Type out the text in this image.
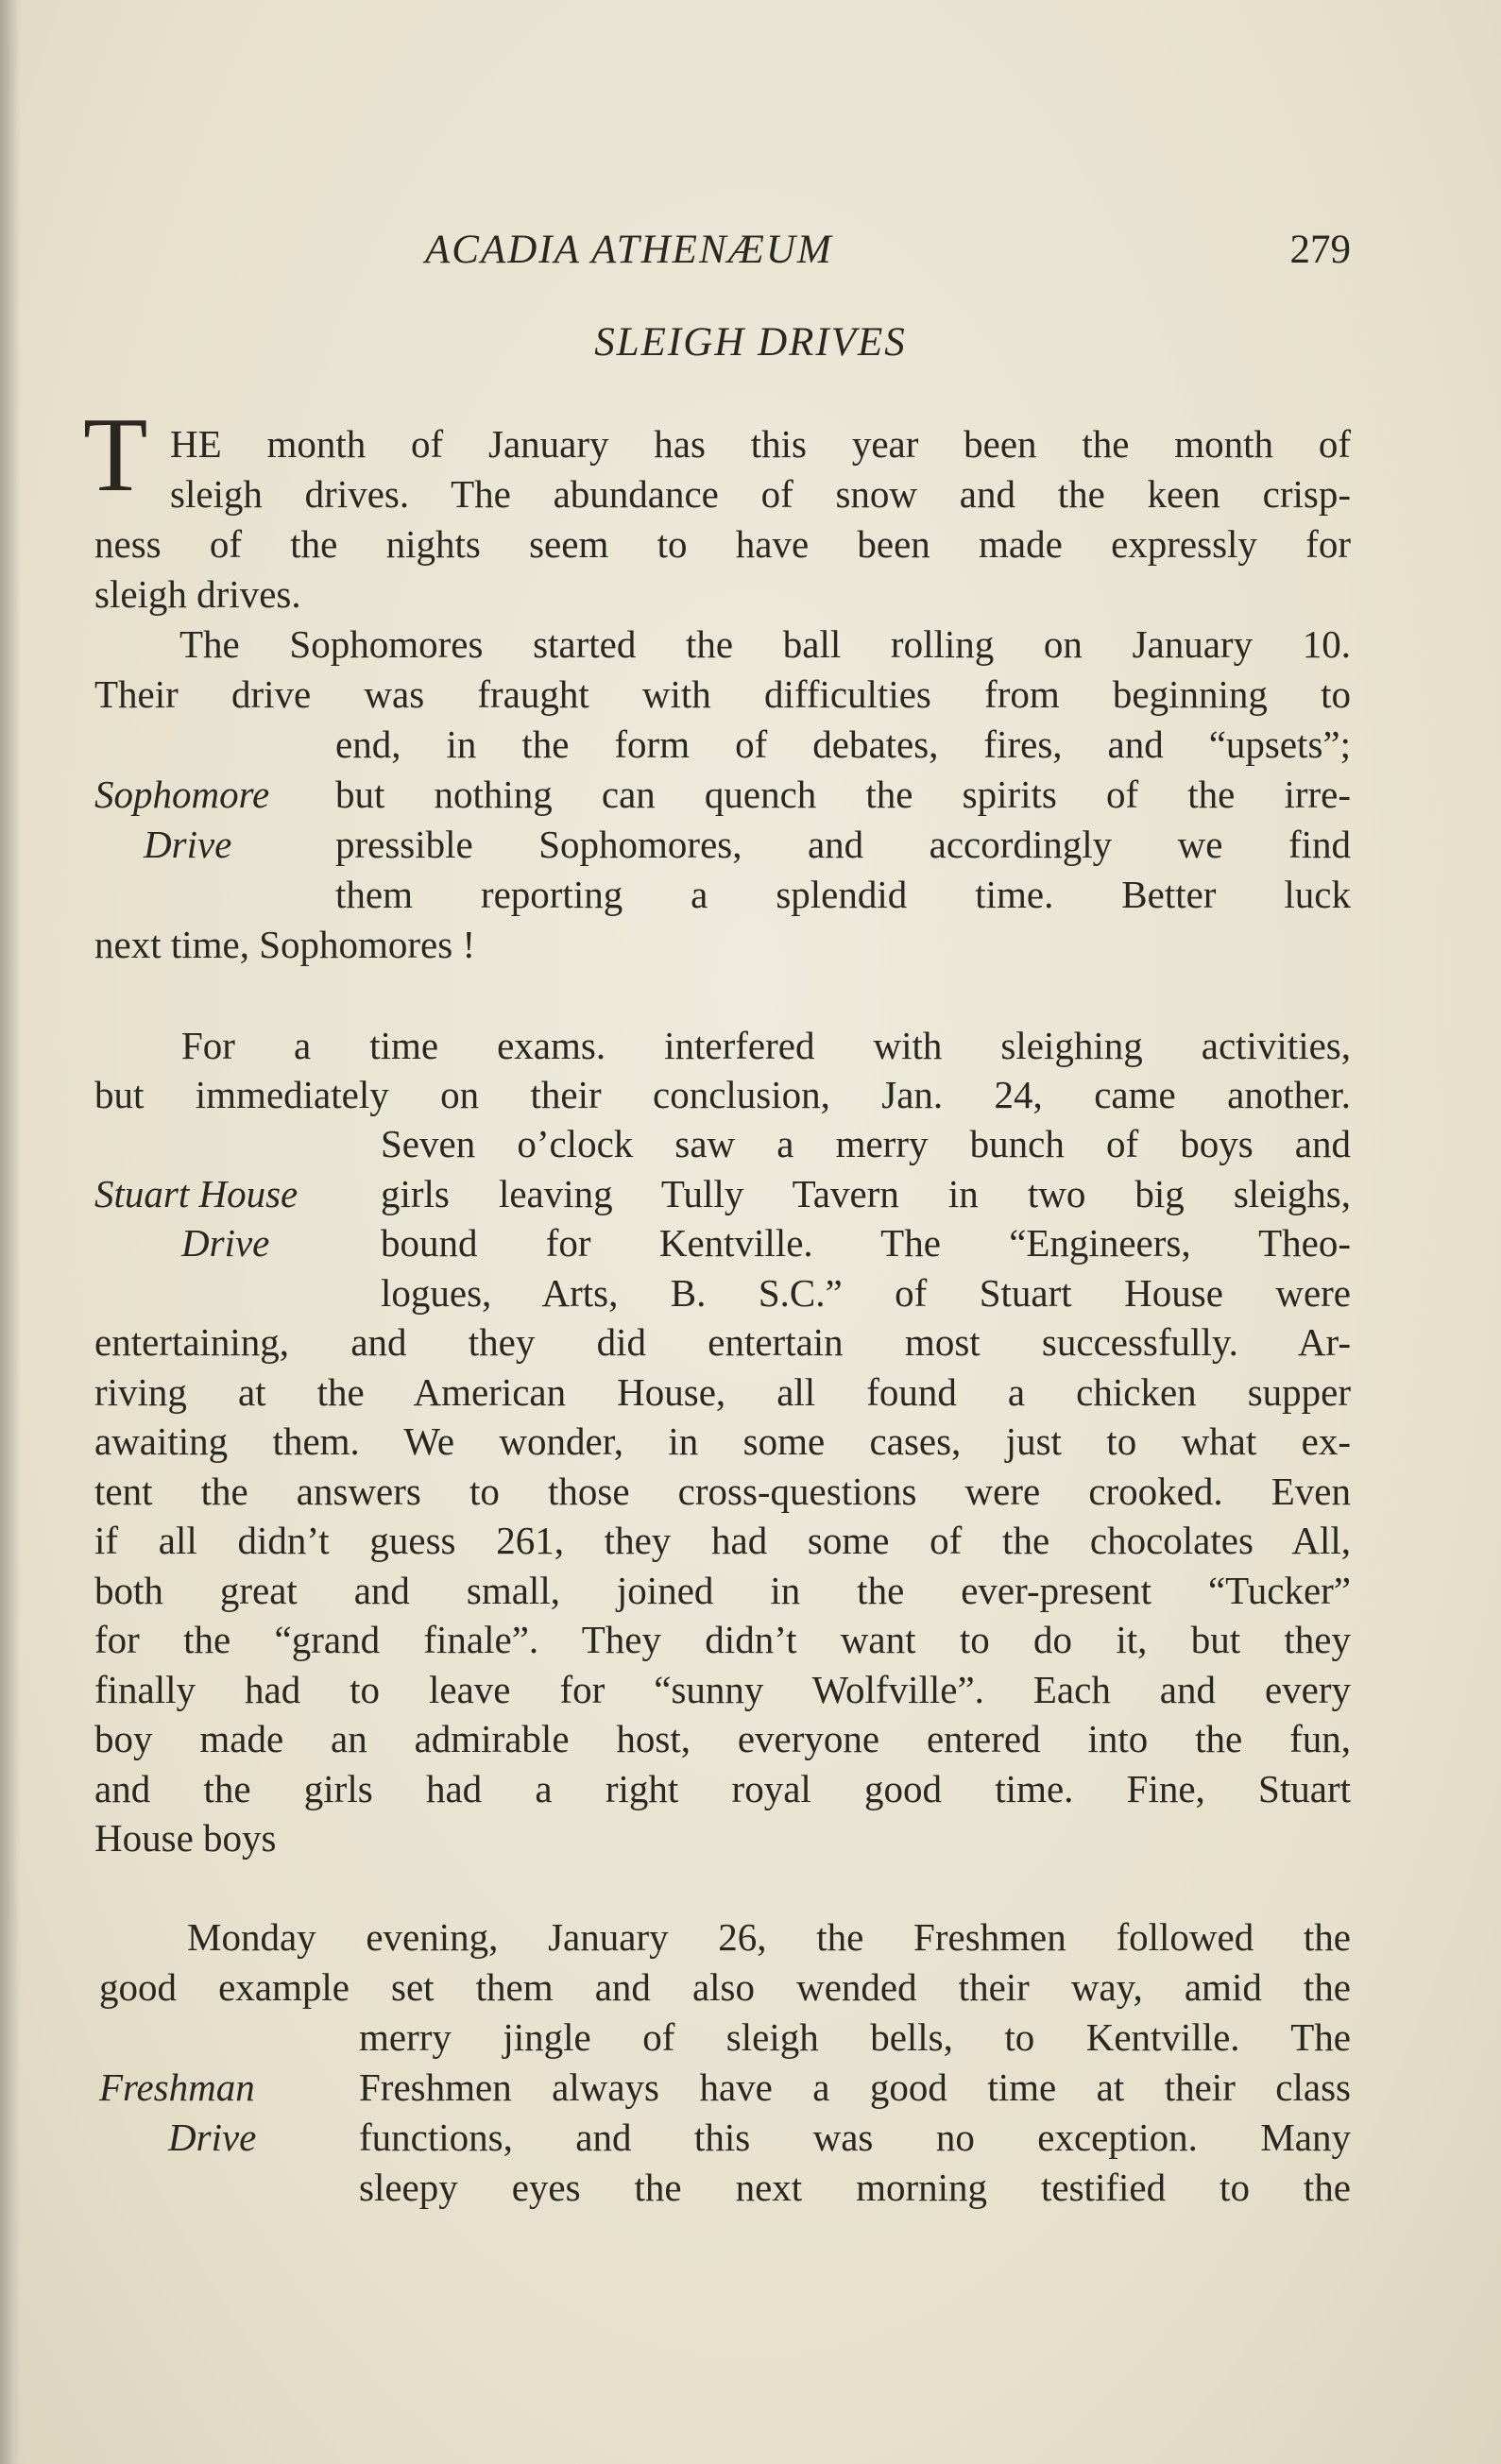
ACADIA ATHENÆUM	279
SLEIGH DRIVES
T HE month of January has this year been the month of
sleigh drives. The abundance of snow and the keen crisp-
ness of the nights seem to have been made expressly for
sleigh drives.
The Sophomores started the ball rolling on January 10.
Their drive was fraught with difficulties from beginning to
end, in the form of debates, fires, and “upsets”;
Sophomore but nothing can quench the spirits of the irre-
Drive	pressible Sophomores, and accordingly we find
them reporting a splendid time. Better luck
next time, Sophomores !
For a time exams. interfered with sleighing activities,
but immediately on their conclusion, Jan. 24, came another.
Seven o’clock saw a merry bunch of boys and
Stuart House girls leaving Tully Tavern in two big sleighs,
Drive	bound for Kentville. The “Engineers, Theo-
logues, Arts, B. S.C.” of Stuart House were
entertaining, and they did entertain most successfully. Ar-
riving at the American House, all found a chicken supper
awaiting them. We wonder, in some cases, just to what ex-
tent the answers to those cross-questions were crooked. Even
if all didn’t guess 261, they had some of the chocolates All,
both great and small, joined in the ever-present “Tucker”
for the “grand finale”. They didn’t want to do it, but they
finally had to leave for “sunny Wolfville”. Each and every
boy made an admirable host, everyone entered into the fun,
and the girls had a right royal good time. Fine, Stuart
House boys
Monday evening, January 26, the Freshmen followed the
good example set them and also wended their way, amid the
merry jingle of sleigh bells, to Kentville. The
Freshman	Freshmen always have a good time at their class
Drive	functions, and this was no exception. Many
sleepy eyes the next morning testified to the
